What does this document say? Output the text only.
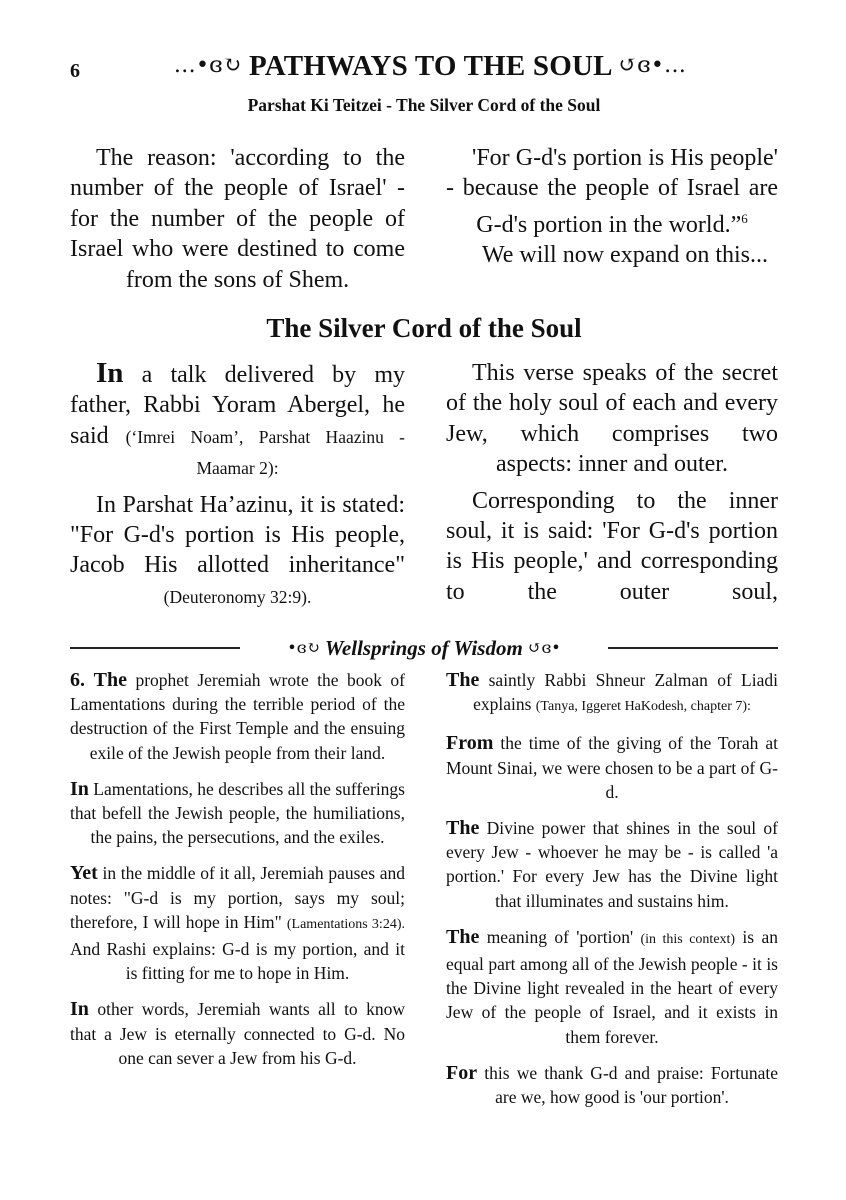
6	…•ɞ↻ PATHWAYS TO THE SOUL ↺ɞ•…
Parshat Ki Teitzei - The Silver Cord of the Soul

The reason: 'according to the number of the people of Israel' - for the number of the people of Israel who were destined to come from the sons of Shem.

'For G-d's portion is His people' - because the people of Israel are G-d's portion in the world.”$^6$

We will now expand on this...

The Silver Cord of the Soul

In a talk delivered by my father, Rabbi Yoram Abergel, he said (‘Imrei Noam’, Parshat Haazinu - Maamar 2):

In Parshat Ha’azinu, it is stated: "For G-d's portion is His people, Jacob His allotted inheritance" (Deuteronomy 32:9).

This verse speaks of the secret of the holy soul of each and every Jew, which comprises two aspects: inner and outer.

Corresponding to the inner soul, it is said: 'For G-d's portion is His people,' and corresponding to the outer soul,

•ɞ↻ Wellsprings of Wisdom ↺ɞ•

6. The prophet Jeremiah wrote the book of Lamentations during the terrible period of the destruction of the First Temple and the ensuing exile of the Jewish people from their land.

In Lamentations, he describes all the sufferings that befell the Jewish people, the humiliations, the pains, the persecutions, and the exiles.

Yet in the middle of it all, Jeremiah pauses and notes: "G-d is my portion, says my soul; therefore, I will hope in Him" (Lamentations 3:24). And Rashi explains: G-d is my portion, and it is fitting for me to hope in Him.

In other words, Jeremiah wants all to know that a Jew is eternally connected to G-d. No one can sever a Jew from his G-d.

The saintly Rabbi Shneur Zalman of Liadi explains (Tanya, Iggeret HaKodesh, chapter 7):

From the time of the giving of the Torah at Mount Sinai, we were chosen to be a part of G-d.

The Divine power that shines in the soul of every Jew - whoever he may be - is called 'a portion.' For every Jew has the Divine light that illuminates and sustains him.

The meaning of 'portion' (in this context) is an equal part among all of the Jewish people - it is the Divine light revealed in the heart of every Jew of the people of Israel, and it exists in them forever.

For this we thank G-d and praise: Fortunate are we, how good is 'our portion'.
